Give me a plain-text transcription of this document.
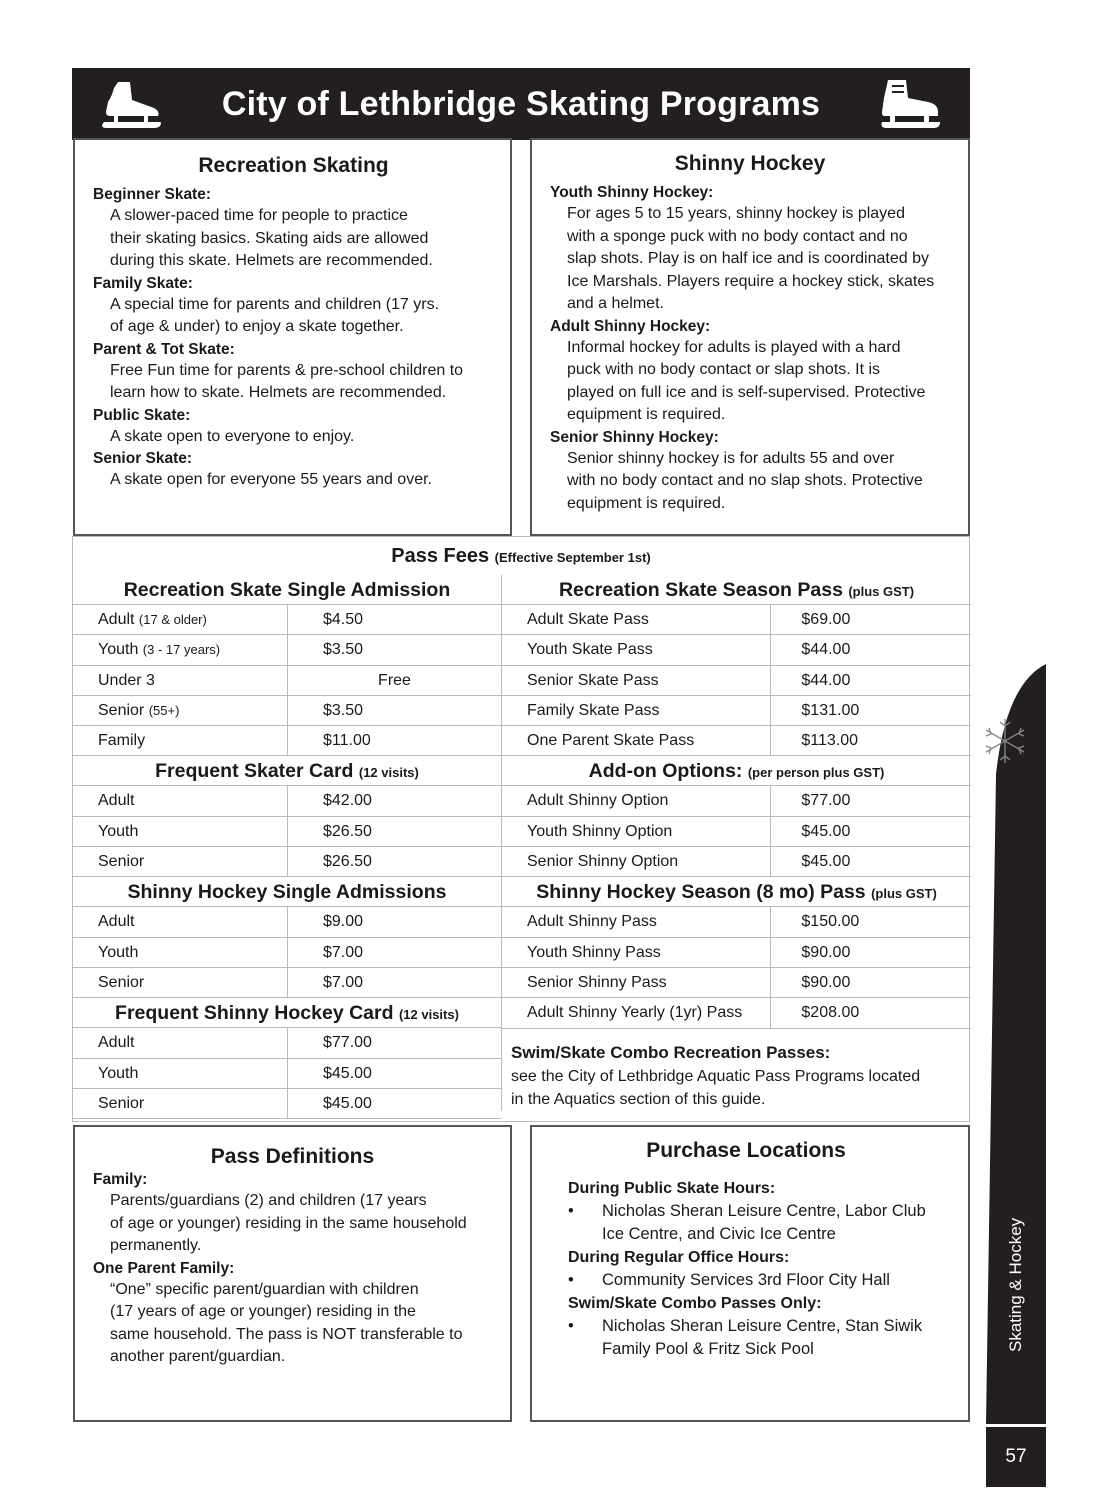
City of Lethbridge Skating Programs
Recreation Skating
Beginner Skate:
A slower-paced time for people to practice
their skating basics. Skating aids are allowed
during this skate. Helmets are recommended.
Family Skate:
A special time for parents and children (17 yrs.
of age & under) to enjoy a skate together.
Parent & Tot Skate:
Free Fun time for parents & pre-school children to
learn how to skate. Helmets are recommended.
Public Skate:
A skate open to everyone to enjoy.
Senior Skate:
A skate open for everyone 55 years and over.
Shinny Hockey
Youth Shinny Hockey:
For ages 5 to 15 years, shinny hockey is played
with a sponge puck with no body contact and no
slap shots. Play is on half ice and is coordinated by
Ice Marshals. Players require a hockey stick, skates
and a helmet.
Adult Shinny Hockey:
Informal hockey for adults is played with a hard
puck with no body contact or slap shots. It is
played on full ice and is self-supervised. Protective
equipment is required.
Senior Shinny Hockey:
Senior shinny hockey is for adults 55 and over
with no body contact and no slap shots. Protective
equipment is required.
Pass Fees (Effective September 1st)
Recreation Skate Single Admission
Adult (17 & older)	$4.50
Youth (3 - 17 years)	$3.50
Under 3	Free
Senior (55+)	$3.50
Family	$11.00
Frequent Skater Card (12 visits)
Adult	$42.00
Youth	$26.50
Senior	$26.50
Shinny Hockey Single Admissions
Adult	$9.00
Youth	$7.00
Senior	$7.00
Frequent Shinny Hockey Card (12 visits)
Adult	$77.00
Youth	$45.00
Senior	$45.00
Recreation Skate Season Pass (plus GST)
Adult Skate Pass	$69.00
Youth Skate Pass	$44.00
Senior Skate Pass	$44.00
Family Skate Pass	$131.00
One Parent Skate Pass	$113.00
Add-on Options: (per person plus GST)
Adult Shinny Option	$77.00
Youth Shinny Option	$45.00
Senior Shinny Option	$45.00
Shinny Hockey Season (8 mo) Pass (plus GST)
Adult Shinny Pass	$150.00
Youth Shinny Pass	$90.00
Senior Shinny Pass	$90.00
Adult Shinny Yearly (1yr) Pass	$208.00
Swim/Skate Combo Recreation Passes:
see the City of Lethbridge Aquatic Pass Programs located
in the Aquatics section of this guide.
Pass Definitions
Family:
Parents/guardians (2) and children (17 years
of age or younger) residing in the same household
permanently.
One Parent Family:
“One” specific parent/guardian with children
(17 years of age or younger) residing in the
same household. The pass is NOT transferable to
another parent/guardian.
Purchase Locations
During Public Skate Hours:
•	Nicholas Sheran Leisure Centre, Labor Club
Ice Centre, and Civic Ice Centre
During Regular Office Hours:
•	Community Services 3rd Floor City Hall
Swim/Skate Combo Passes Only:
•	Nicholas Sheran Leisure Centre, Stan Siwik
Family Pool & Fritz Sick Pool	Skating & Hockey
57
